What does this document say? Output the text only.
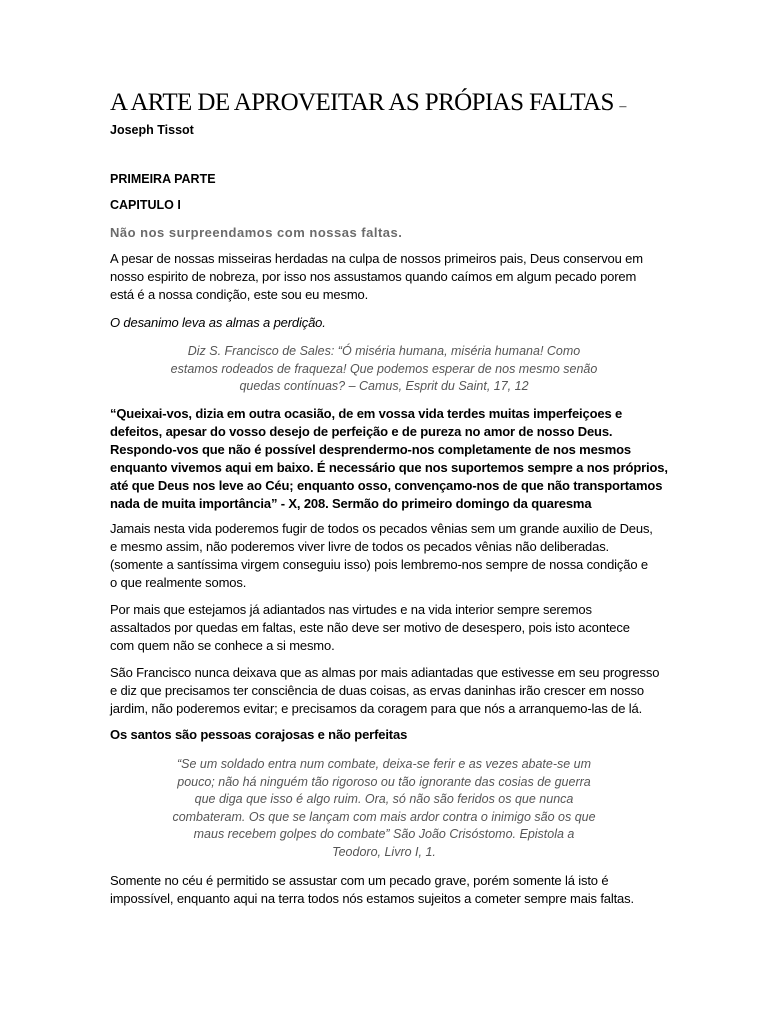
A ARTE DE APROVEITAR AS PRÓPIAS FALTAS –
Joseph Tissot
PRIMEIRA PARTE
CAPITULO I
Não nos surpreendamos com nossas faltas.
A pesar de nossas misseiras herdadas na culpa de nossos primeiros pais, Deus conservou em
nosso espirito de nobreza, por isso nos assustamos quando caímos em algum pecado porem
está é a nossa condição, este sou eu mesmo.
O desanimo leva as almas a perdição.
Diz S. Francisco de Sales: “Ó miséria humana, miséria humana! Como
estamos rodeados de fraqueza! Que podemos esperar de nos mesmo senão
quedas contínuas? – Camus, Esprit du Saint, 17, 12
“Queixai-vos, dizia em outra ocasião, de em vossa vida terdes muitas imperfeiçoes e
defeitos, apesar do vosso desejo de perfeição e de pureza no amor de nosso Deus.
Respondo-vos que não é possível desprendermo-nos completamente de nos mesmos
enquanto vivemos aqui em baixo. É necessário que nos suportemos sempre a nos próprios,
até que Deus nos leve ao Céu; enquanto osso, convençamo-nos de que não transportamos
nada de muita importância” - X, 208. Sermão do primeiro domingo da quaresma
Jamais nesta vida poderemos fugir de todos os pecados vênias sem um grande auxilio de Deus,
e mesmo assim, não poderemos viver livre de todos os pecados vênias não deliberadas.
(somente a santíssima virgem conseguiu isso) pois lembremo-nos sempre de nossa condição e
o que realmente somos.
Por mais que estejamos já adiantados nas virtudes e na vida interior sempre seremos
assaltados por quedas em faltas, este não deve ser motivo de desespero, pois isto acontece
com quem não se conhece a si mesmo.
São Francisco nunca deixava que as almas por mais adiantadas que estivesse em seu progresso
e diz que precisamos ter consciência de duas coisas, as ervas daninhas irão crescer em nosso
jardim, não poderemos evitar; e precisamos da coragem para que nós a arranquemo-las de lá.
Os santos são pessoas corajosas e não perfeitas
“Se um soldado entra num combate, deixa-se ferir e as vezes abate-se um
pouco; não há ninguém tão rigoroso ou tão ignorante das cosias de guerra
que diga que isso é algo ruim. Ora, só não são feridos os que nunca
combateram. Os que se lançam com mais ardor contra o inimigo são os que
maus recebem golpes do combate” São João Crisóstomo. Epistola a
Teodoro, Livro I, 1.
Somente no céu é permitido se assustar com um pecado grave, porém somente lá isto é
impossível, enquanto aqui na terra todos nós estamos sujeitos a cometer sempre mais faltas.
